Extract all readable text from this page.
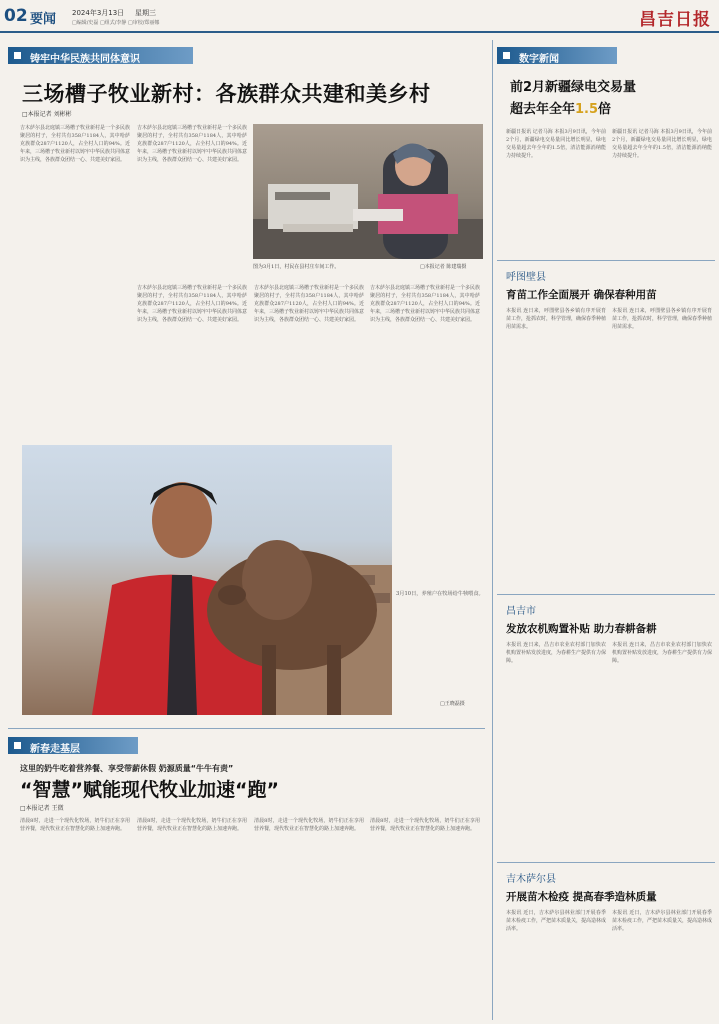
02 要闻 2024年3月13日 星期三
□编辑/史磊 □组式/李静 □审校/郑丽娜	昌吉日报
铸牢中华民族共同体意识
三场槽子牧业新村：各族群众共建和美乡村
□本报记者 刘彬彬
吉木萨尔县北庭镇三场槽子牧业新村是一个多民族聚居的村子，全村共有358户1184人，其中哈萨克族群众287户1120人，占全村人口的94%。近年来，三场槽子牧业新村以铸牢中华民族共同体意识为主线，各族群众团结一心、共建美好家园。
吉木萨尔县北庭镇三场槽子牧业新村是一个多民族聚居的村子，全村共有358户1184人，其中哈萨克族群众287户1120人，占全村人口的94%。近年来，三场槽子牧业新村以铸牢中华民族共同体意识为主线，各族群众团结一心、共建美好家园。
吉木萨尔县北庭镇三场槽子牧业新村是一个多民族聚居的村子，全村共有358户1184人，其中哈萨克族群众287户1120人，占全村人口的94%。近年来，三场槽子牧业新村以铸牢中华民族共同体意识为主线，各族群众团结一心、共建美好家园。
吉木萨尔县北庭镇三场槽子牧业新村是一个多民族聚居的村子，全村共有358户1184人，其中哈萨克族群众287户1120人，占全村人口的94%。近年来，三场槽子牧业新村以铸牢中华民族共同体意识为主线，各族群众团结一心、共建美好家园。
吉木萨尔县北庭镇三场槽子牧业新村是一个多民族聚居的村子，全村共有358户1184人，其中哈萨克族群众287户1120人，占全村人口的94%。近年来，三场槽子牧业新村以铸牢中华民族共同体意识为主线，各族群众团结一心、共建美好家园。
图为3月1日，村民在县村庄车间工作。	□本报记者 陈建瑞摄
3月10日，养殖户在牧场给牛犊喂食。
□王晓磊摄
新春走基层
这里的奶牛吃着营养餐、享受带薪休假 奶源质量“牛牛有责”
“智慧”赋能现代牧业加速“跑”
□本报记者 王微
清晨8时，走进一个现代化牧场，奶牛们正在享用营养餐，现代牧业正在智慧化的路上加速奔跑。
清晨8时，走进一个现代化牧场，奶牛们正在享用营养餐，现代牧业正在智慧化的路上加速奔跑。
清晨8时，走进一个现代化牧场，奶牛们正在享用营养餐，现代牧业正在智慧化的路上加速奔跑。
清晨8时，走进一个现代化牧场，奶牛们正在享用营养餐，现代牧业正在智慧化的路上加速奔跑。
数字新闻
前2月新疆绿电交易量
超去年全年1.5倍
新疆日报讯 记者马海 本报3月9日讯，今年前2个月，新疆绿电交易量同比增长明显，绿电交易量超去年全年的1.5倍，清洁能源消纳能力持续提升。
新疆日报讯 记者马海 本报3月9日讯，今年前2个月，新疆绿电交易量同比增长明显，绿电交易量超去年全年的1.5倍，清洁能源消纳能力持续提升。
呼图壁县
育苗工作全面展开 确保春种用苗
本报讯 连日来，呼图壁县各乡镇有序开展育苗工作，抢抓农时，科学管理，确保春季种植用苗需求。
本报讯 连日来，呼图壁县各乡镇有序开展育苗工作，抢抓农时，科学管理，确保春季种植用苗需求。
昌吉市
发放农机购置补贴 助力春耕备耕
本报讯 连日来，昌吉市农业农村部门加快农机购置补贴发放进度，为春耕生产提供有力保障。
本报讯 连日来，昌吉市农业农村部门加快农机购置补贴发放进度，为春耕生产提供有力保障。
吉木萨尔县
开展苗木检疫 提高春季造林质量
本报讯 近日，吉木萨尔县林业部门开展春季苗木检疫工作，严把苗木质量关，提高造林成活率。
本报讯 近日，吉木萨尔县林业部门开展春季苗木检疫工作，严把苗木质量关，提高造林成活率。
